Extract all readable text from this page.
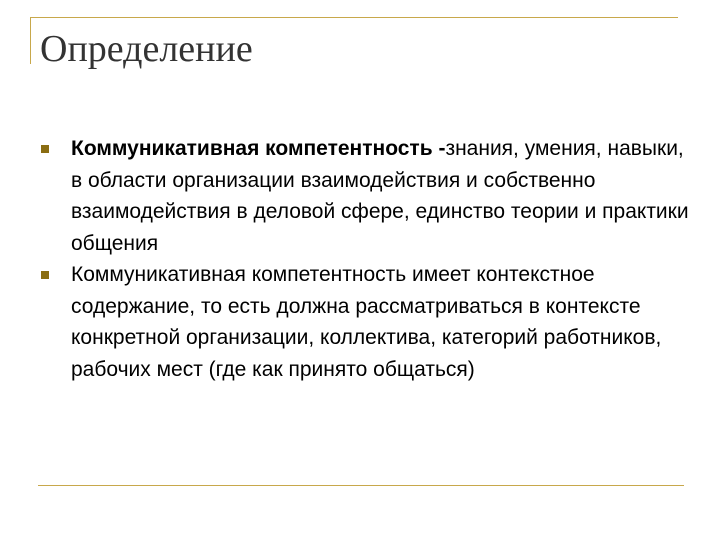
Определение
Коммуникативная компетентность -знания, умения, навыки, в области организации взаимодействия и собственно взаимодействия в деловой сфере, единство теории и практики общения
Коммуникативная компетентность имеет контекстное содержание, то есть должна рассматриваться в контексте конкретной организации, коллектива, категорий работников, рабочих мест (где как принято общаться)
